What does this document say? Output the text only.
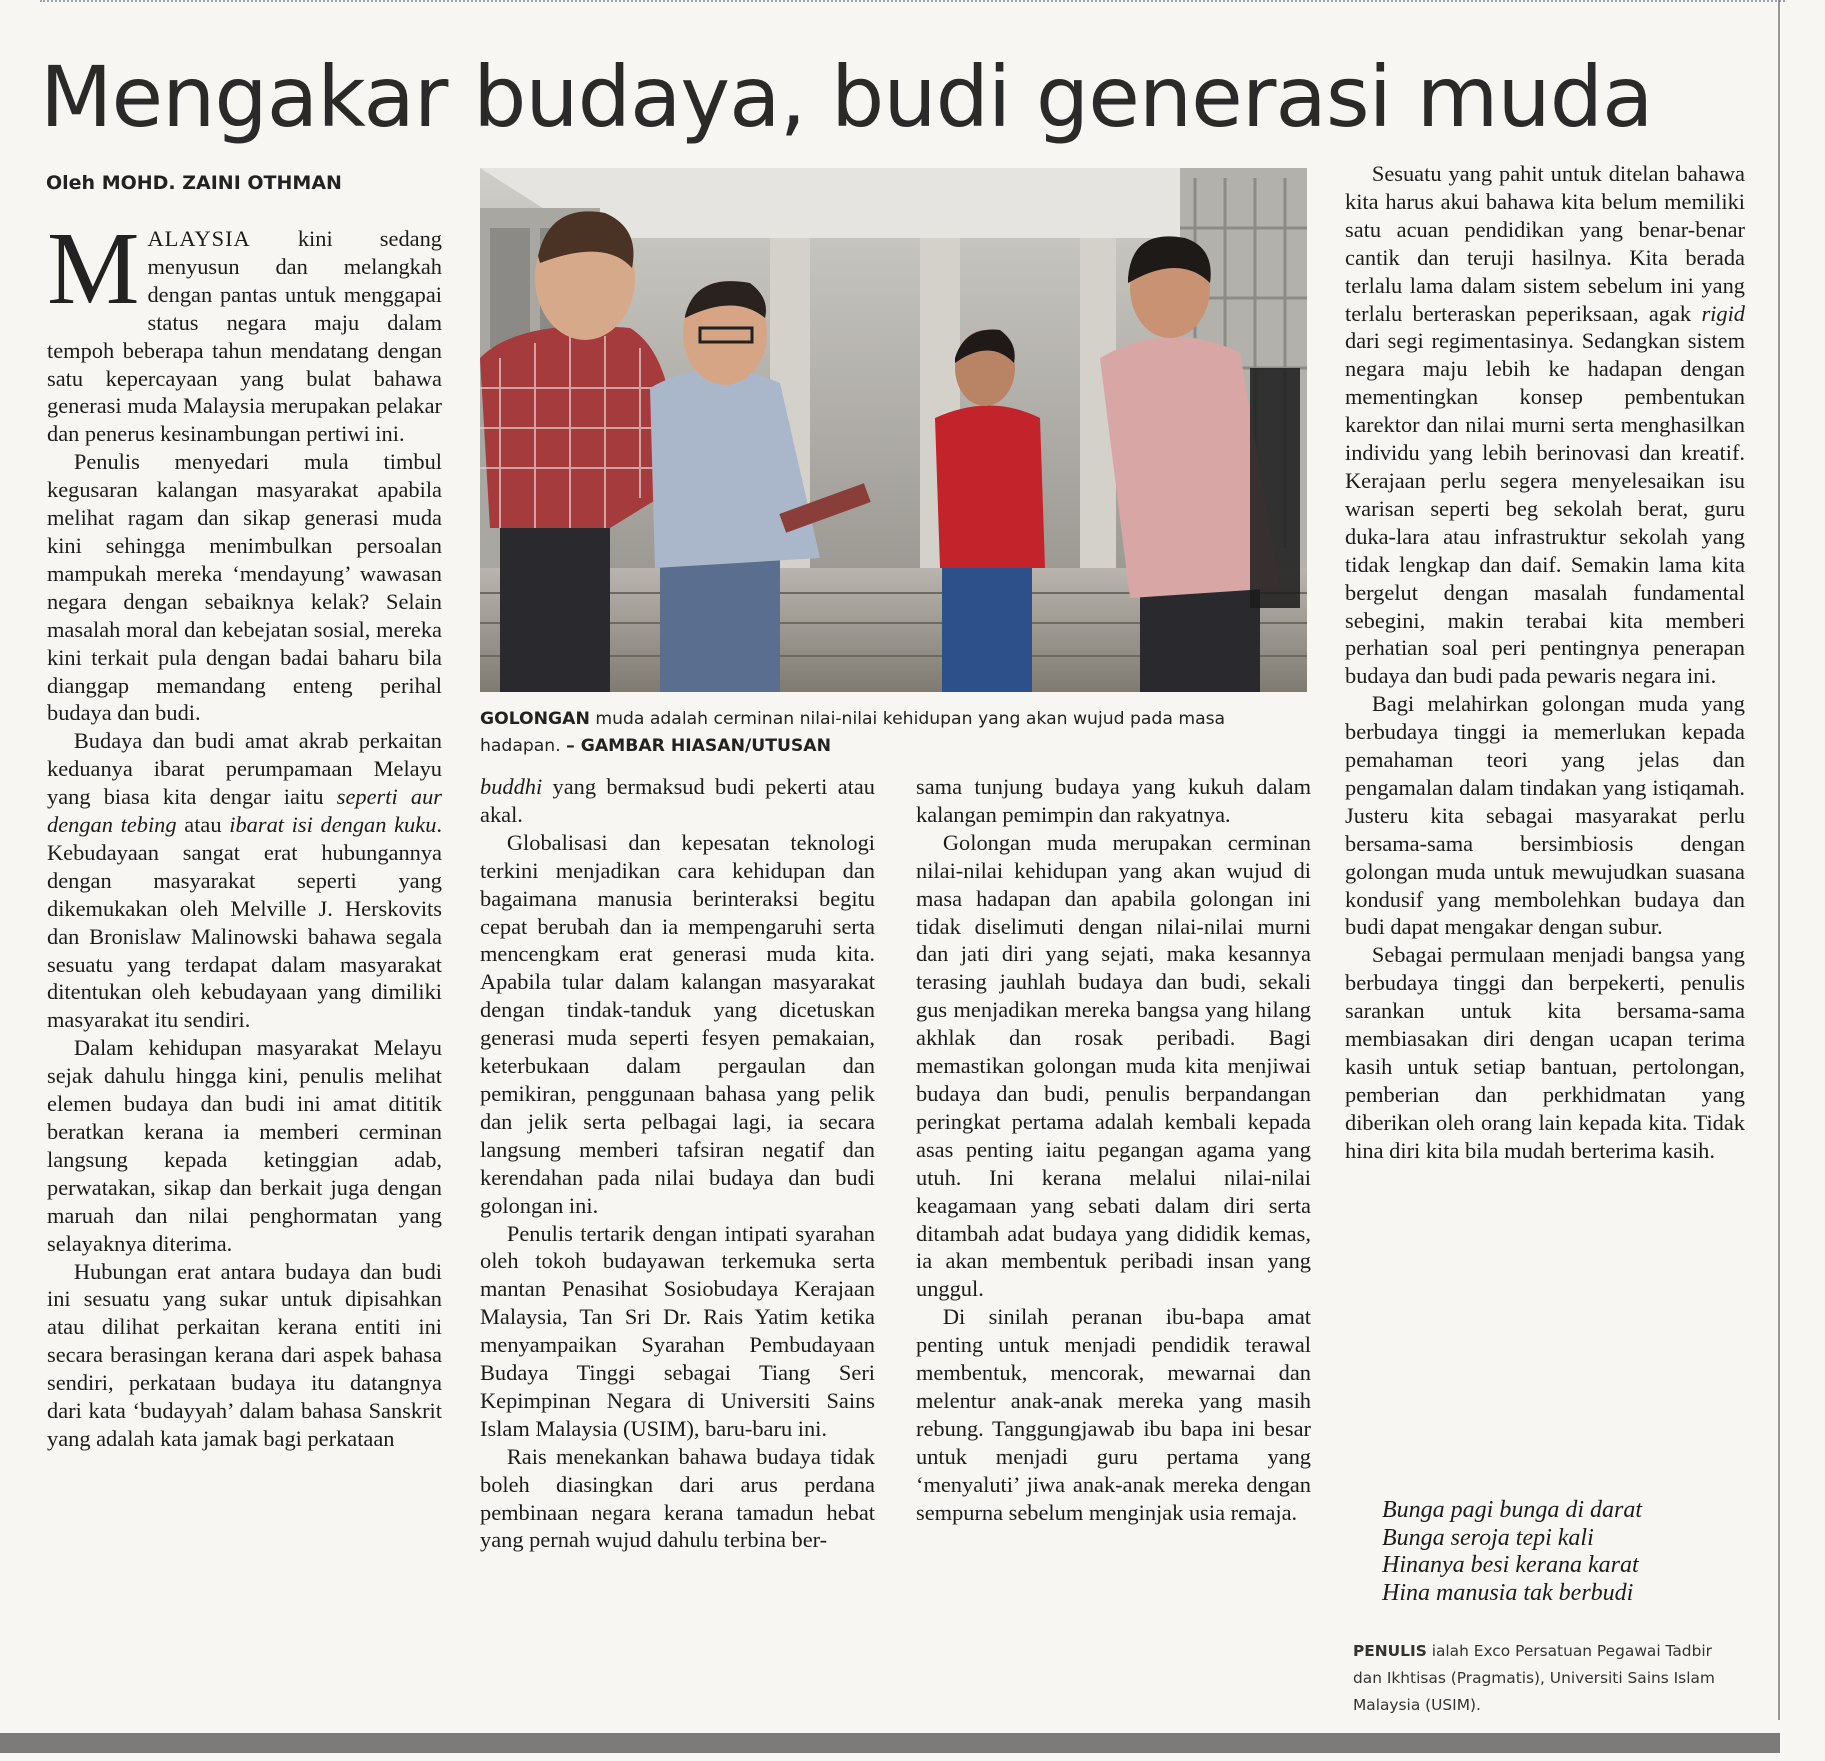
Mengakar budaya, budi generasi muda
Oleh MOHD. ZAINI OTHMAN

MALAYSIA kini sedang menyusun dan melangkah dengan pantas untuk menggapai status negara maju dalam tempoh beberapa tahun mendatang dengan satu kepercayaan yang bulat bahawa generasi muda Malaysia merupakan pelakar dan penerus kesinambungan pertiwi ini.

Penulis menyedari mula timbul kegusaran kalangan masyarakat apabila melihat ragam dan sikap generasi muda kini sehingga menimbulkan persoalan mampukah mereka ‘mendayung’ wawasan negara dengan sebaiknya kelak? Selain masalah moral dan kebejatan sosial, mereka kini terkait pula dengan badai baharu bila dianggap memandang enteng perihal budaya dan budi.

Budaya dan budi amat akrab perkaitan keduanya ibarat perumpamaan Melayu yang biasa kita dengar iaitu seperti aur dengan tebing atau ibarat isi dengan kuku. Kebudayaan sangat erat hubungannya dengan masyarakat seperti yang dikemukakan oleh Melville J. Herskovits dan Bronislaw Malinowski bahawa segala sesuatu yang terdapat dalam masyarakat ditentukan oleh kebudayaan yang dimiliki masyarakat itu sendiri.

Dalam kehidupan masyarakat Melayu sejak dahulu hingga kini, penulis melihat elemen budaya dan budi ini amat dititik beratkan kerana ia memberi cerminan langsung kepada ketinggian adab, perwatakan, sikap dan berkait juga dengan maruah dan nilai penghormatan yang selayaknya diterima.

Hubungan erat antara budaya dan budi ini sesuatu yang sukar untuk dipisahkan atau dilihat perkaitan kerana entiti ini secara berasingan kerana dari aspek bahasa sendiri, perkataan budaya itu datangnya dari kata ‘budayyah’ dalam bahasa Sanskrit yang adalah kata jamak bagi perkataan

GOLONGAN muda adalah cerminan nilai-nilai kehidupan yang akan wujud pada masa hadapan. – GAMBAR HIASAN/UTUSAN

buddhi yang bermaksud budi pekerti atau akal.

Globalisasi dan kepesatan teknologi terkini menjadikan cara kehidupan dan bagaimana manusia berinteraksi begitu cepat berubah dan ia mempengaruhi serta mencengkam erat generasi muda kita. Apabila tular dalam kalangan masyarakat dengan tindak-tanduk yang dicetuskan generasi muda seperti fesyen pemakaian, keterbukaan dalam pergaulan dan pemikiran, penggunaan bahasa yang pelik dan jelik serta pelbagai lagi, ia secara langsung memberi tafsiran negatif dan kerendahan pada nilai budaya dan budi golongan ini.

Penulis tertarik dengan intipati syarahan oleh tokoh budayawan terkemuka serta mantan Penasihat Sosiobudaya Kerajaan Malaysia, Tan Sri Dr. Rais Yatim ketika menyampaikan Syarahan Pembudayaan Budaya Tinggi sebagai Tiang Seri Kepimpinan Negara di Universiti Sains Islam Malaysia (USIM), baru-baru ini.

Rais menekankan bahawa budaya tidak boleh diasingkan dari arus perdana pembinaan negara kerana tamadun hebat yang pernah wujud dahulu terbina ber-

sama tunjung budaya yang kukuh dalam kalangan pemimpin dan rakyatnya.

Golongan muda merupakan cerminan nilai-nilai kehidupan yang akan wujud di masa hadapan dan apabila golongan ini tidak diselimuti dengan nilai-nilai murni dan jati diri yang sejati, maka kesannya terasing jauhlah budaya dan budi, sekali gus menjadikan mereka bangsa yang hilang akhlak dan rosak peribadi. Bagi memastikan golongan muda kita menjiwai budaya dan budi, penulis berpandangan peringkat pertama adalah kembali kepada asas penting iaitu pegangan agama yang utuh. Ini kerana melalui nilai-nilai keagamaan yang sebati dalam diri serta ditambah adat budaya yang dididik kemas, ia akan membentuk peribadi insan yang unggul.

Di sinilah peranan ibu-bapa amat penting untuk menjadi pendidik terawal membentuk, mencorak, mewarnai dan melentur anak-anak mereka yang masih rebung. Tanggungjawab ibu bapa ini besar untuk menjadi guru pertama yang ‘menyaluti’ jiwa anak-anak mereka dengan sempurna sebelum menginjak usia remaja.

Sesuatu yang pahit untuk ditelan bahawa kita harus akui bahawa kita belum memiliki satu acuan pendidikan yang benar-benar cantik dan teruji hasilnya. Kita berada terlalu lama dalam sistem sebelum ini yang terlalu berteraskan peperiksaan, agak rigid dari segi regimentasinya. Sedangkan sistem negara maju lebih ke hadapan dengan mementingkan konsep pembentukan karektor dan nilai murni serta menghasilkan individu yang lebih berinovasi dan kreatif. Kerajaan perlu segera menyelesaikan isu warisan seperti beg sekolah berat, guru duka-lara atau infrastruktur sekolah yang tidak lengkap dan daif. Semakin lama kita bergelut dengan masalah fundamental sebegini, makin terabai kita memberi perhatian soal peri pentingnya penerapan budaya dan budi pada pewaris negara ini.

Bagi melahirkan golongan muda yang berbudaya tinggi ia memerlukan kepada pemahaman teori yang jelas dan pengamalan dalam tindakan yang istiqamah. Justeru kita sebagai masyarakat perlu bersama-sama bersimbiosis dengan golongan muda untuk mewujudkan suasana kondusif yang membolehkan budaya dan budi dapat mengakar dengan subur.

Sebagai permulaan menjadi bangsa yang berbudaya tinggi dan berpekerti, penulis sarankan untuk kita bersama-sama membiasakan diri dengan ucapan terima kasih untuk setiap bantuan, pertolongan, pemberian dan perkhidmatan yang diberikan oleh orang lain kepada kita. Tidak hina diri kita bila mudah berterima kasih.

Bunga pagi bunga di darat
Bunga seroja tepi kali
Hinanya besi kerana karat
Hina manusia tak berbudi
PENULIS ialah Exco Persatuan Pegawai Tadbir dan Ikhtisas (Pragmatis), Universiti Sains Islam Malaysia (USIM).
